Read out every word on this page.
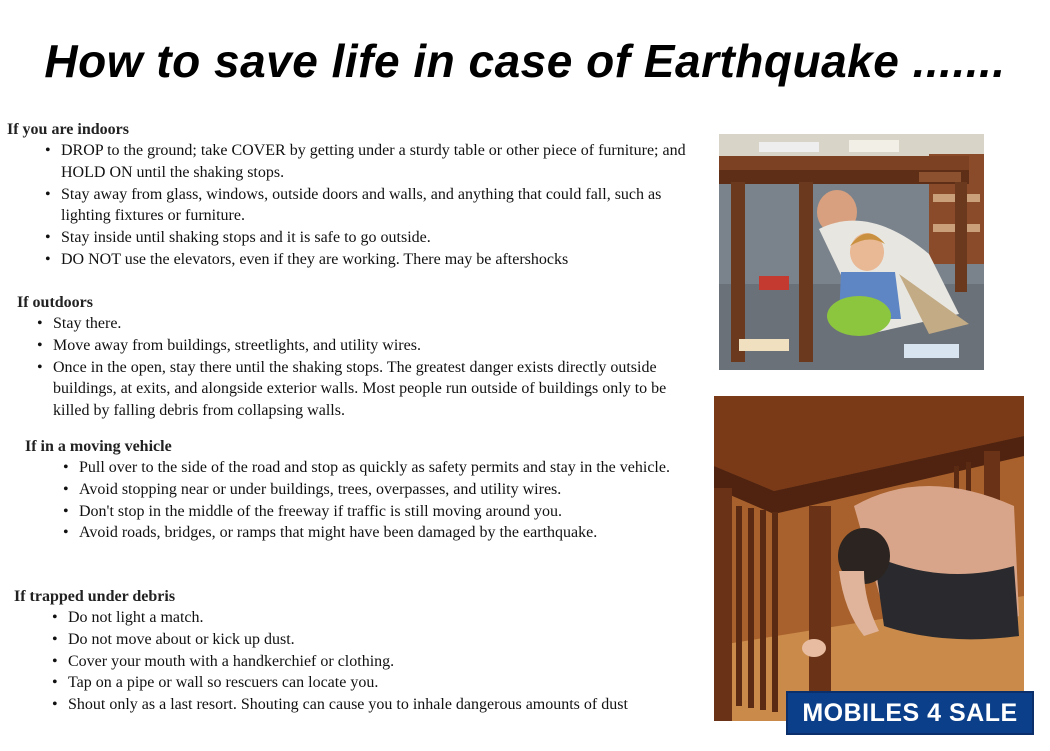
How to save life in case of Earthquake .......
If you are indoors
• DROP to the ground; take COVER by getting under a sturdy table or other piece of furniture; and HOLD ON until the shaking stops.
• Stay away from glass, windows, outside doors and walls, and anything that could fall, such as lighting fixtures or furniture.
• Stay inside until shaking stops and it is safe to go outside.
• DO NOT use the elevators, even if they are working. There may be aftershocks
If outdoors
• Stay there.
• Move away from buildings, streetlights, and utility wires.
• Once in the open, stay there until the shaking stops. The greatest danger exists directly outside buildings, at exits, and alongside exterior walls. Most people run outside of buildings only to be killed by falling debris from collapsing walls.
If in a moving vehicle
• Pull over to the side of the road and stop as quickly as safety permits and stay in the vehicle.
• Avoid stopping near or under buildings, trees, overpasses, and utility wires.
• Don't stop in the middle of the freeway if traffic is still moving around you.
• Avoid roads, bridges, or ramps that might have been damaged by the earthquake.
If trapped under debris
• Do not light a match.
• Do not move about or kick up dust.
• Cover your mouth with a handkerchief or clothing.
• Tap on a pipe or wall so rescuers can locate you.
• Shout only as a last resort. Shouting can cause you to inhale dangerous amounts of dust	MOBILES 4 SALE
